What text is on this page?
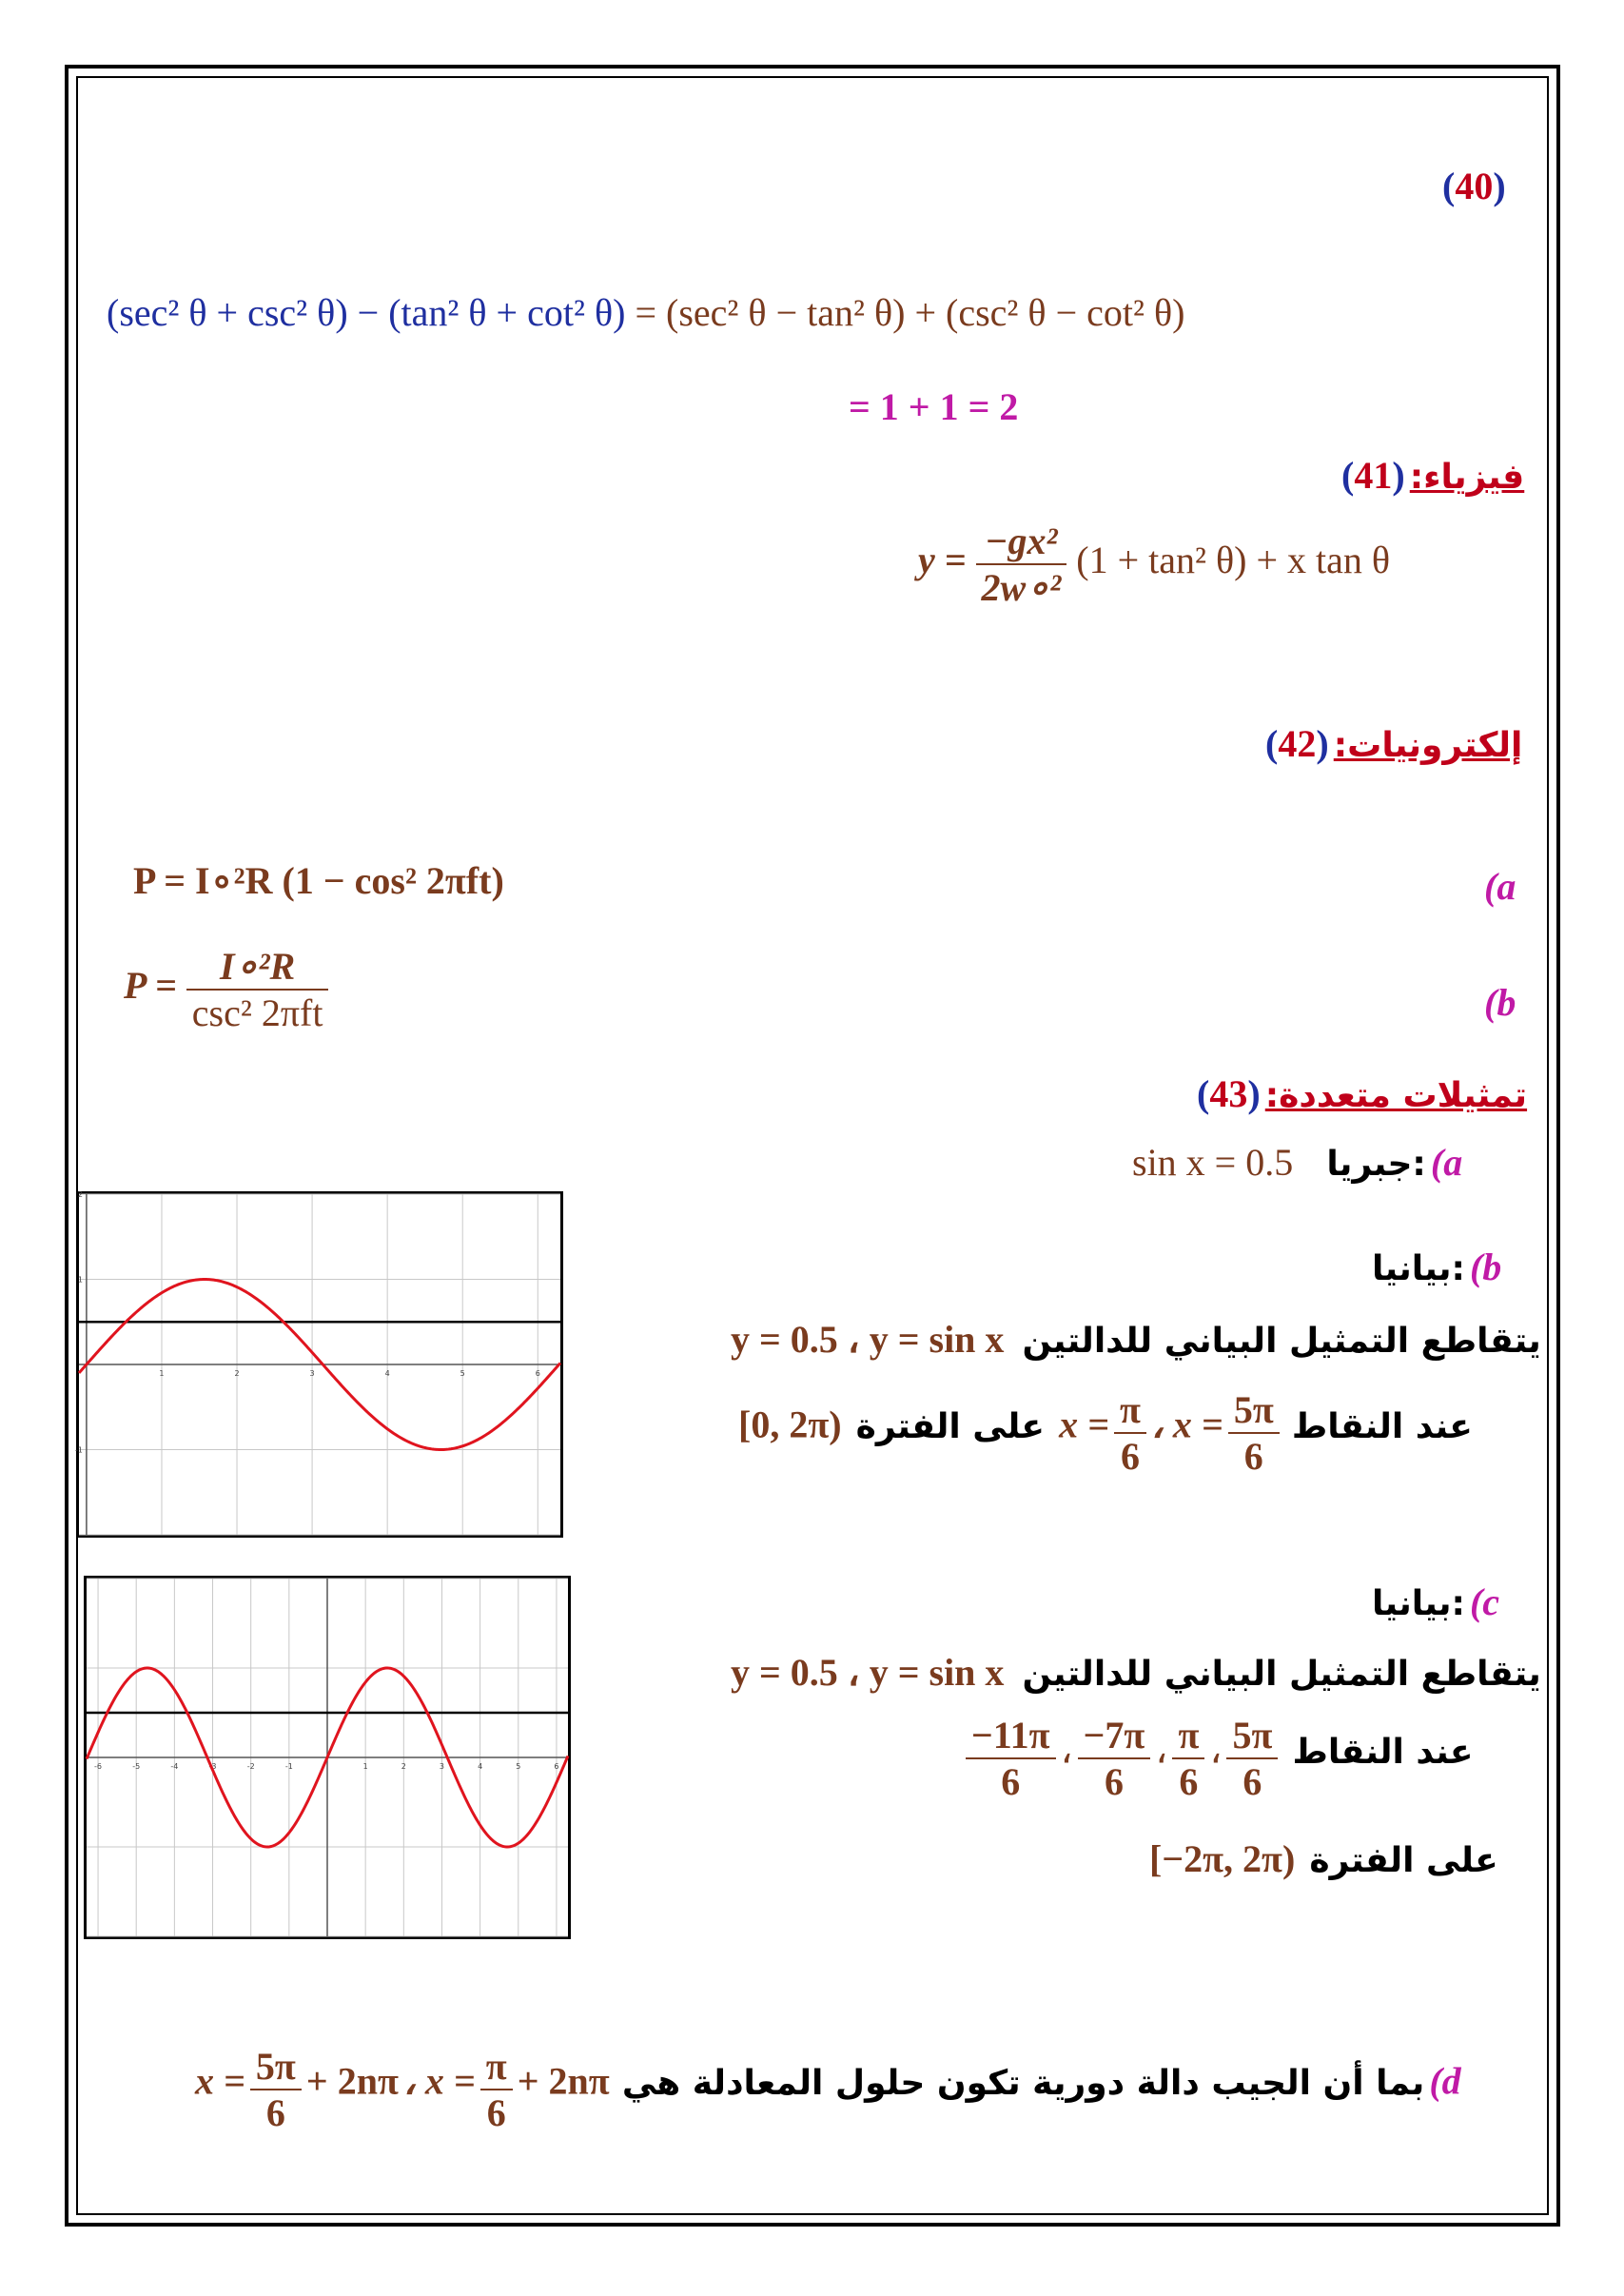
(40)
(sec² θ + csc² θ) − (tan² θ + cot² θ) = (sec² θ − tan² θ) + (csc² θ − cot² θ)
= 1 + 1 = 2
فيزياء: (41)
$y = \frac{\text{−gx²}}{\text{2w∘²}} (1 + \tan^2$ θ) + x tan θ
إلكترونيات: (42)
(a
P = I∘²R (1 − cos² 2πft)
(b
$P = \frac{\text{I∘²R}}{\text{csc² 2πft}}$
تمثيلات متعددة: (43)
sin x = 0.5 جبريا: (a
بيانيا: (b
y = 0.5 ، y = sin x يتقاطع التمثيل البياني للدالتين
[0, 2π) على الفترة $x = \frac{\pi}{6}$ ، $x = \frac{5\pi}{6}$ عند النقاط
1	2	3	4	5	6
2
1
-1
بيانيا: (c
y = 0.5 ، y = sin x يتقاطع التمثيل البياني للدالتين
$\frac{-11\pi}{6}$ ، $\frac{-7\pi}{6}$ ، $\frac{\pi}{6}$ ، $\frac{5\pi}{6}$ عند النقاط
[−2π, 2π) على الفترة
-6	-5	-4	-3	-2	-1	1	2	3	4	5	6
$x = \frac{5\pi}{6} + 2n\pi$ ، $x = \frac{\pi}{6} + 2n\pi$ بما أن الجيب دالة دورية تكون حلول المعادلة هي (d
